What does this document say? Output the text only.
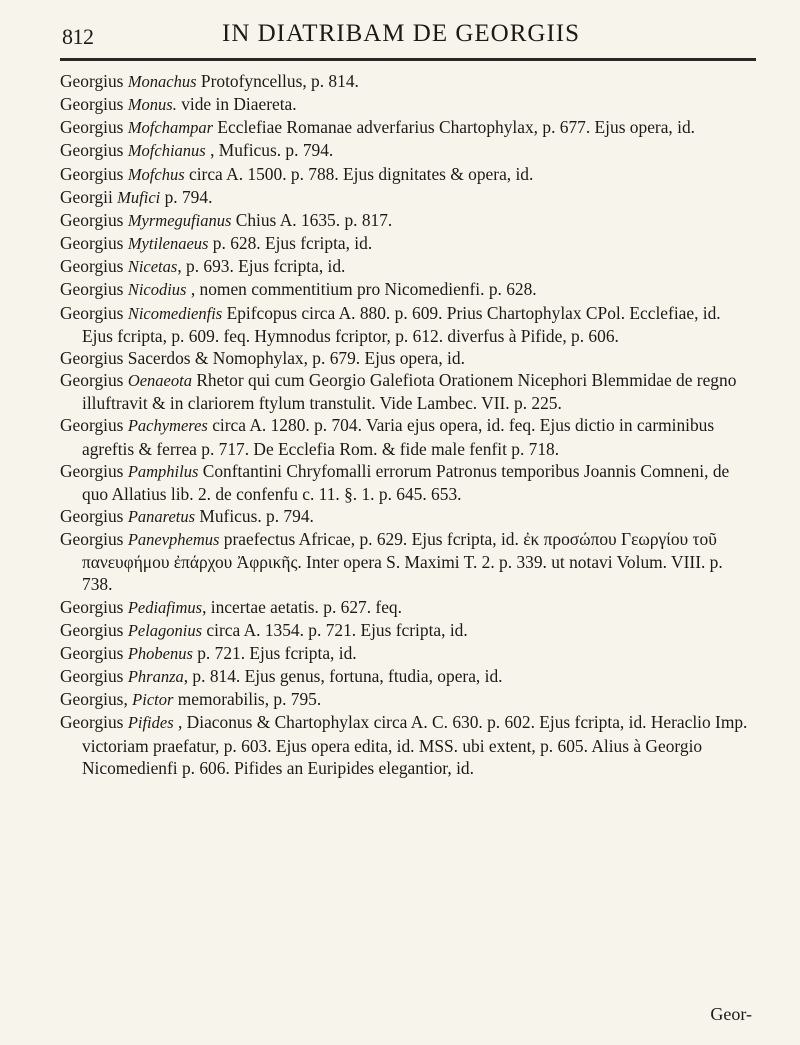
812	IN DIATRIBAM DE GEORGIIS

Georgius Monachus Protofyncellus, p. 814.

Georgius Monus. vide in Diaereta.

Georgius Mofchampar Ecclefiae Romanae adverfarius Chartophylax, p. 677. Ejus opera, id.

Georgius Mofchianus , Muficus. p. 794.

Georgius Mofchus circa A. 1500. p. 788. Ejus dignitates & opera, id.

Georgii Mufici p. 794.

Georgius Myrmegufianus Chius A. 1635. p. 817.

Georgius Mytilenaeus p. 628. Ejus fcripta, id.

Georgius Nicetas, p. 693. Ejus fcripta, id.

Georgius Nicodius , nomen commentitium pro Nicomedienfi. p. 628.

Georgius Nicomedienfis Epifcopus circa A. 880. p. 609. Prius Chartophylax CPol. Ecclefiae, id. Ejus fcripta, p. 609. feq. Hymnodus fcriptor, p. 612. diverfus à Pifide, p. 606.

Georgius Sacerdos & Nomophylax, p. 679. Ejus opera, id.

Georgius Oenaeota Rhetor qui cum Georgio Galefiota Orationem Nicephori Blemmidae de regno illuftravit & in clariorem ftylum transtulit. Vide Lambec. VII. p. 225.

Georgius Pachymeres circa A. 1280. p. 704. Varia ejus opera, id. feq. Ejus dictio in carminibus agreftis & ferrea p. 717. De Ecclefia Rom. & fide male fenfit p. 718.

Georgius Pamphilus Conftantini Chryfomalli errorum Patronus temporibus Joannis Comneni, de quo Allatius lib. 2. de confenfu c. 11. §. 1. p. 645. 653.

Georgius Panaretus Muficus. p. 794.

Georgius Panevphemus praefectus Africae, p. 629. Ejus fcripta, id. ἐκ προσώπου Γεωργίου τοῦ πανευφήμου ἐπάρχου Ἀφρικῆς. Inter opera S. Maximi T. 2. p. 339. ut notavi Volum. VIII. p. 738.

Georgius Pediafimus, incertae aetatis. p. 627. feq.

Georgius Pelagonius circa A. 1354. p. 721. Ejus fcripta, id.

Georgius Phobenus p. 721. Ejus fcripta, id.

Georgius Phranza, p. 814. Ejus genus, fortuna, ftudia, opera, id.

Georgius, Pictor memorabilis, p. 795.

Georgius Pifides , Diaconus & Chartophylax circa A. C. 630. p. 602. Ejus fcripta, id. Heraclio Imp. victoriam praefatur, p. 603. Ejus opera edita, id. MSS. ubi extent, p. 605. Alius à Georgio Nicomedienfi p. 606. Pifides an Euripides elegantior, id.

Geor-
